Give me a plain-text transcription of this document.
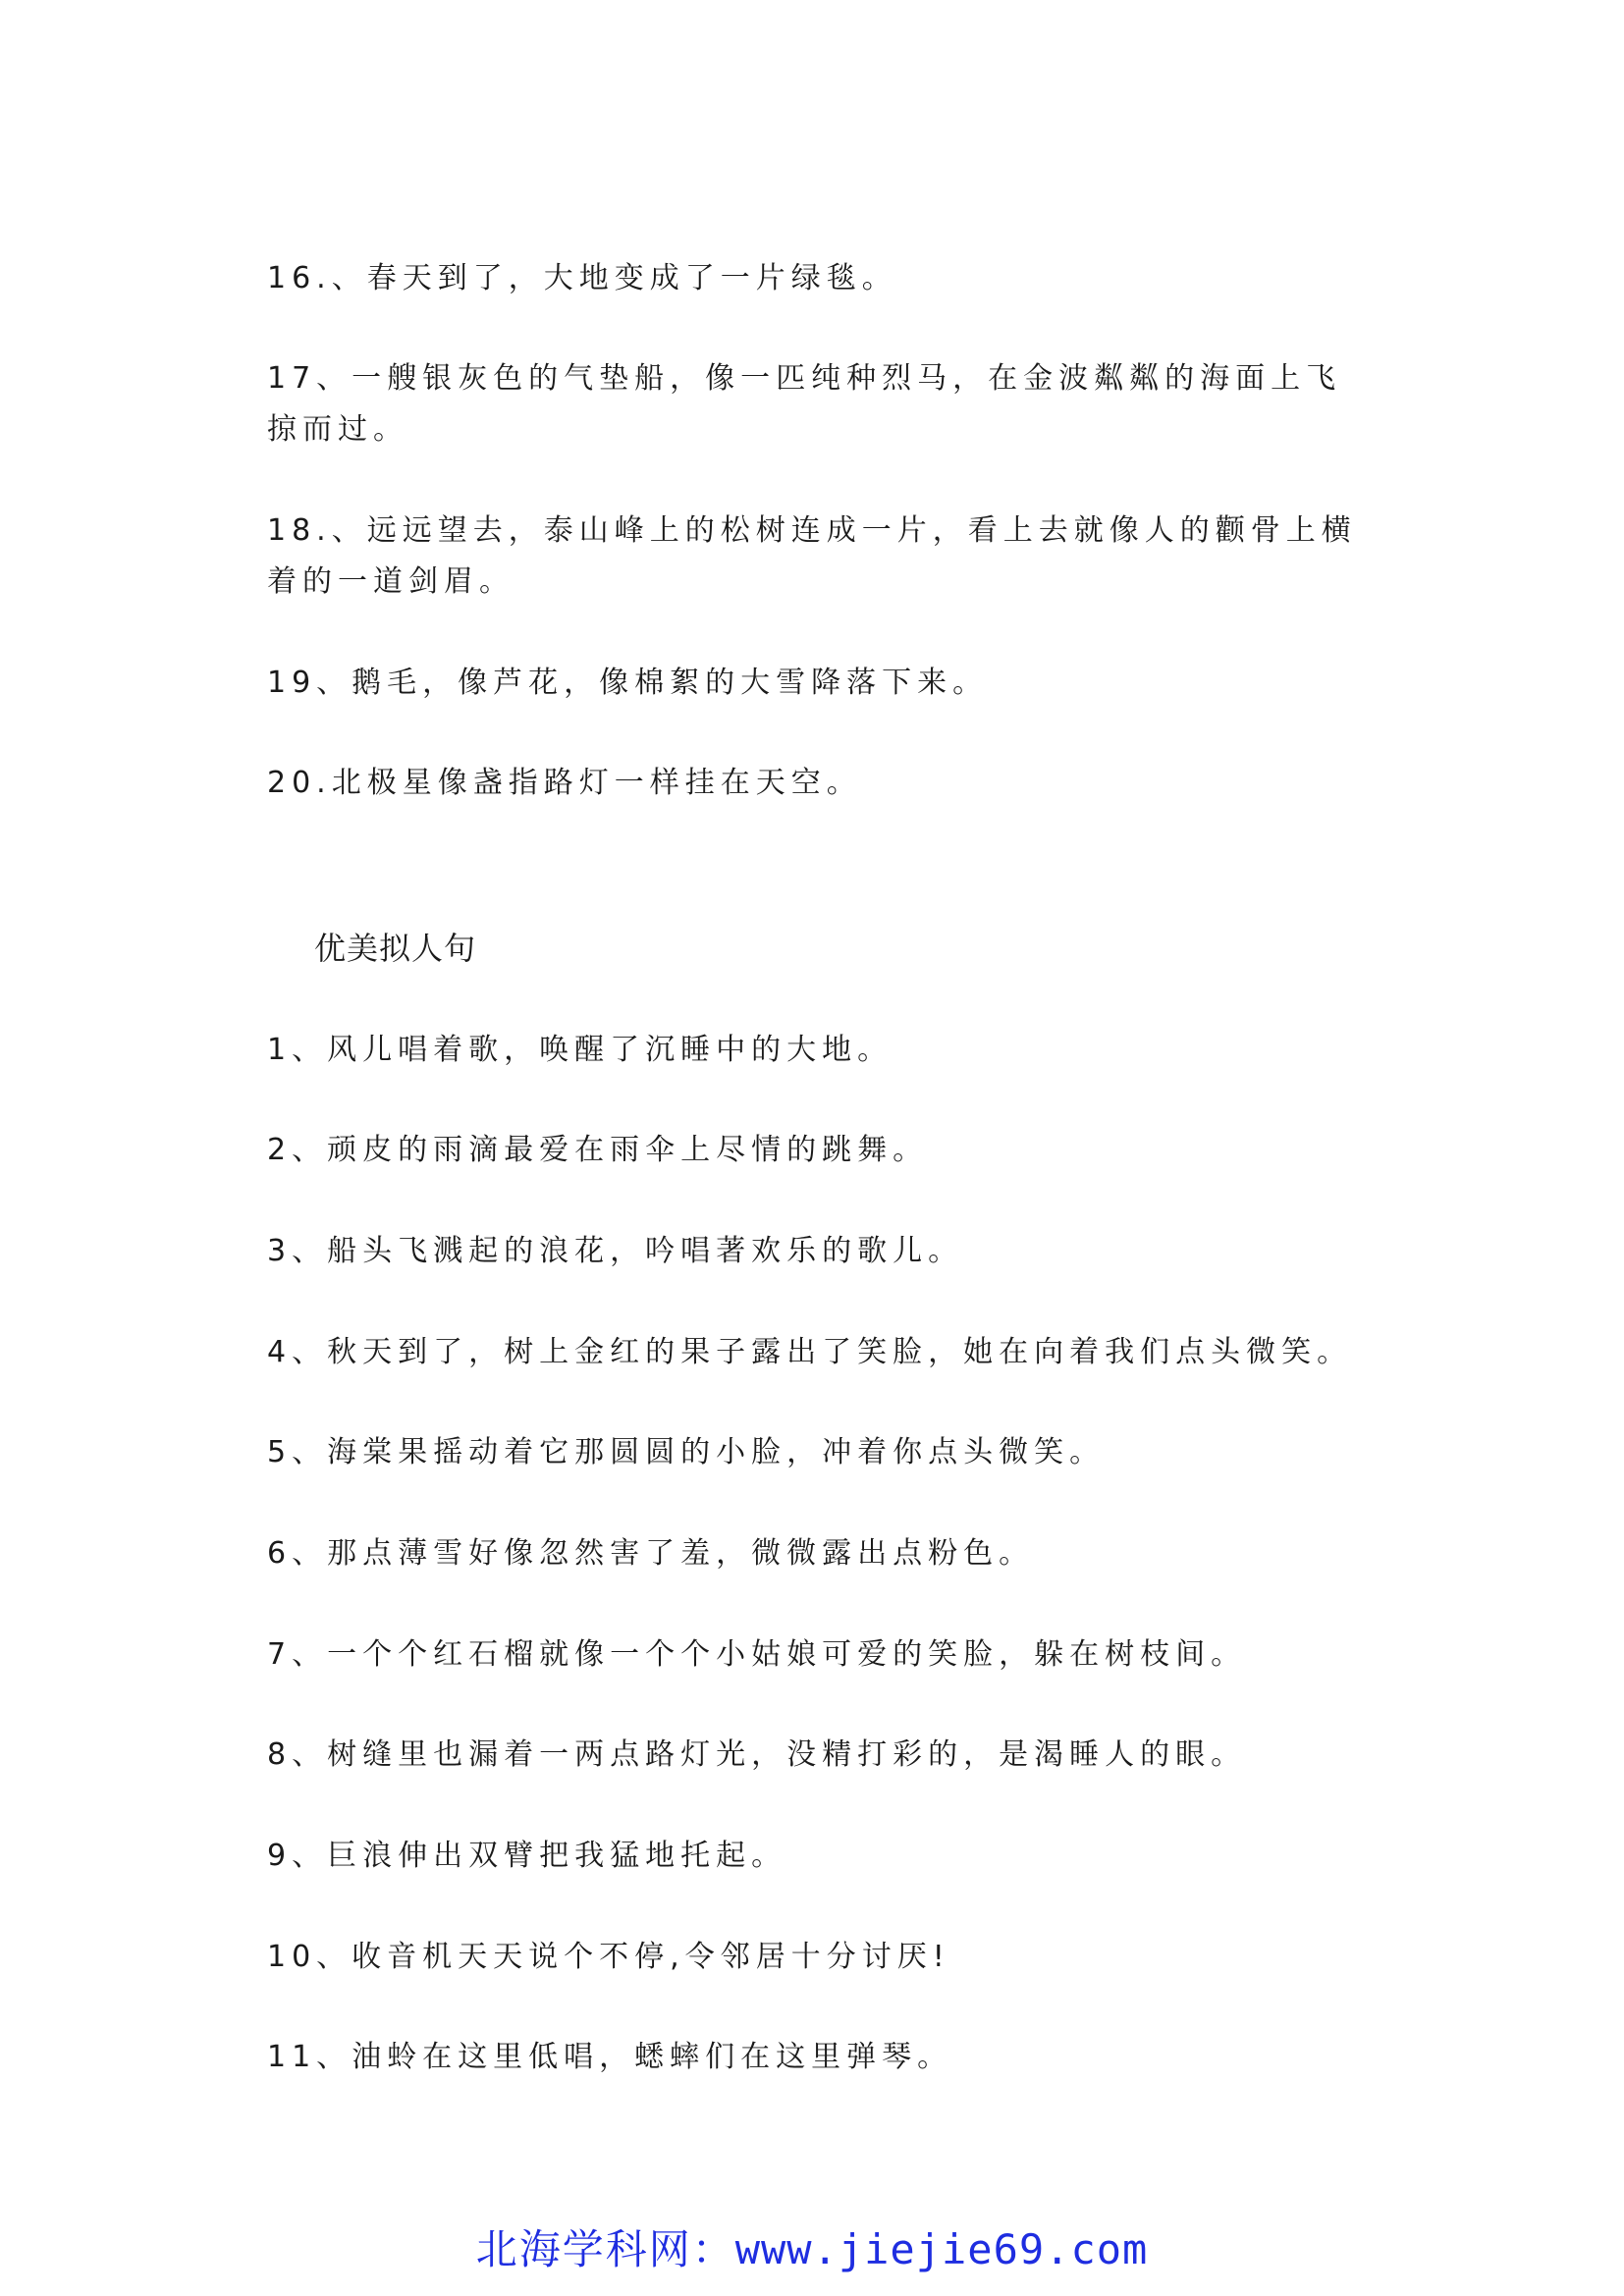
16.、春天到了，大地变成了一片绿毯。
17、一艘银灰色的气垫船，像一匹纯种烈马，在金波粼粼的海面上飞掠而过。
18.、远远望去，泰山峰上的松树连成一片，看上去就像人的颧骨上横着的一道剑眉。
19、鹅毛，像芦花，像棉絮的大雪降落下来。
20.北极星像盏指路灯一样挂在天空。
优美拟人句
1、风儿唱着歌，唤醒了沉睡中的大地。
2、顽皮的雨滴最爱在雨伞上尽情的跳舞。
3、船头飞溅起的浪花，吟唱著欢乐的歌儿。
4、秋天到了，树上金红的果子露出了笑脸，她在向着我们点头微笑。
5、海棠果摇动着它那圆圆的小脸，冲着你点头微笑。
6、那点薄雪好像忽然害了羞，微微露出点粉色。
7、一个个红石榴就像一个个小姑娘可爱的笑脸，躲在树枝间。
8、树缝里也漏着一两点路灯光，没精打彩的，是渴睡人的眼。
9、巨浪伸出双臂把我猛地托起。
10、收音机天天说个不停,令邻居十分讨厌!
11、油蛉在这里低唱，蟋蟀们在这里弹琴。
北海学科网：www.jiejie69.com
